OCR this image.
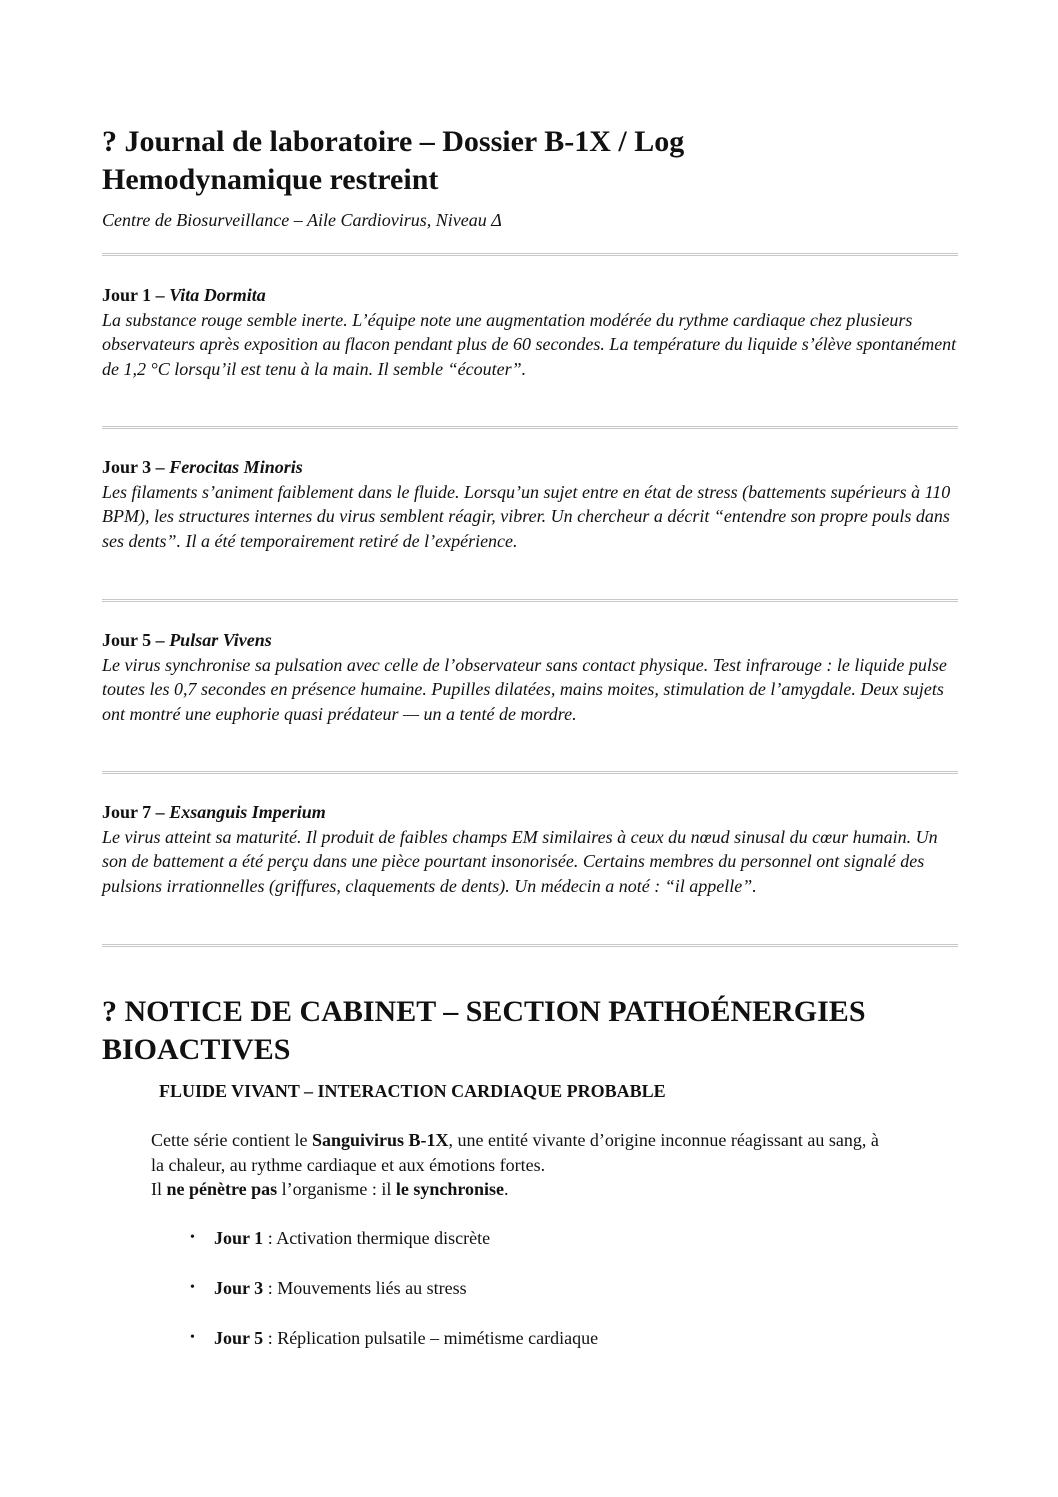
? Journal de laboratoire – Dossier B-1X / Log
Hemodynamique restreint
Centre de Biosurveillance – Aile Cardiovirus, Niveau Δ
Jour 1 – Vita Dormita
La substance rouge semble inerte. L’équipe note une augmentation modérée du rythme cardiaque chez plusieurs observateurs après exposition au flacon pendant plus de 60 secondes. La température du liquide s’élève spontanément de 1,2 °C lorsqu’il est tenu à la main. Il semble “écouter”.
Jour 3 – Ferocitas Minoris
Les filaments s’animent faiblement dans le fluide. Lorsqu’un sujet entre en état de stress (battements supérieurs à 110 BPM), les structures internes du virus semblent réagir, vibrer. Un chercheur a décrit “entendre son propre pouls dans ses dents”. Il a été temporairement retiré de l’expérience.
Jour 5 – Pulsar Vivens
Le virus synchronise sa pulsation avec celle de l’observateur sans contact physique. Test infrarouge : le liquide pulse toutes les 0,7 secondes en présence humaine. Pupilles dilatées, mains moites, stimulation de l’amygdale. Deux sujets ont montré une euphorie quasi prédateur — un a tenté de mordre.
Jour 7 – Exsanguis Imperium
Le virus atteint sa maturité. Il produit de faibles champs EM similaires à ceux du nœud sinusal du cœur humain. Un son de battement a été perçu dans une pièce pourtant insonorisée. Certains membres du personnel ont signalé des pulsions irrationnelles (griffures, claquements de dents). Un médecin a noté : “il appelle”.
? NOTICE DE CABINET – SECTION PATHOÉNERGIES
BIOACTIVES
FLUIDE VIVANT – INTERACTION CARDIAQUE PROBABLE
Cette série contient le Sanguivirus B-1X, une entité vivante d’origine inconnue réagissant au sang, à la chaleur, au rythme cardiaque et aux émotions fortes.
Il ne pénètre pas l’organisme : il le synchronise.
• Jour 1 : Activation thermique discrète
• Jour 3 : Mouvements liés au stress
• Jour 5 : Réplication pulsatile – mimétisme cardiaque
